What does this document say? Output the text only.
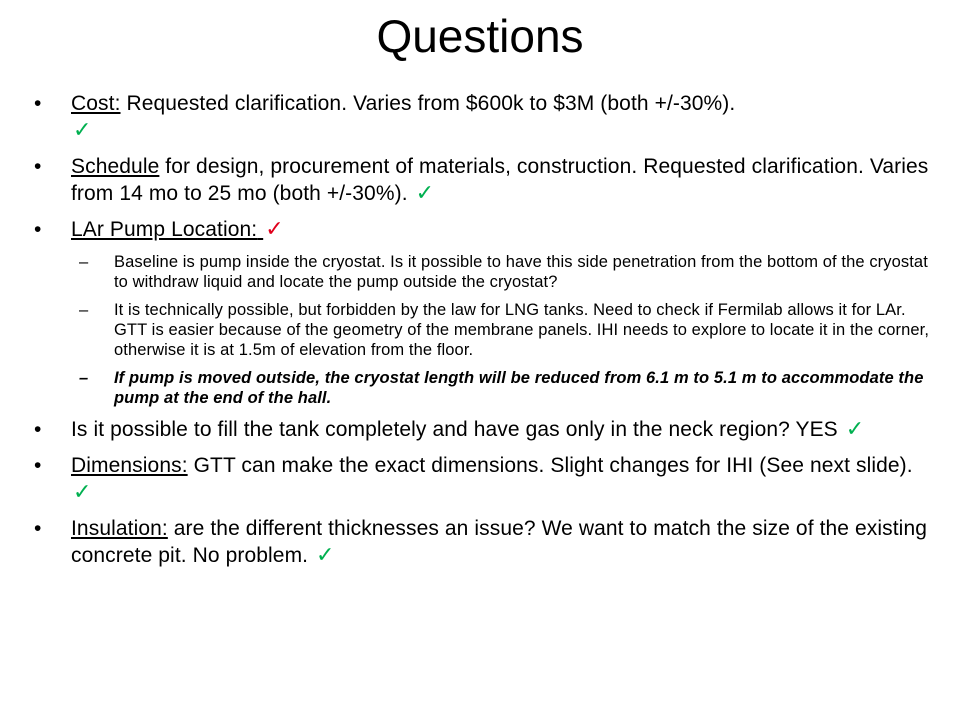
Questions
• Cost: Requested clarification. Varies from $600k to $3M (both +/-30%).
✓
• Schedule for design, procurement of materials, construction. Requested clarification. Varies from 14 mo to 25 mo (both +/-30%). ✓
• LAr Pump Location: ✓
– Baseline is pump inside the cryostat. Is it possible to have this side penetration from the bottom of the cryostat to withdraw liquid and locate the pump outside the cryostat?
– It is technically possible, but forbidden by the law for LNG tanks. Need to check if Fermilab allows it for LAr. GTT is easier because of the geometry of the membrane panels. IHI needs to explore to locate it in the corner, otherwise it is at 1.5m of elevation from the floor.
– If pump is moved outside, the cryostat length will be reduced from 6.1 m to 5.1 m to accommodate the pump at the end of the hall.
• Is it possible to fill the tank completely and have gas only in the neck region? YES ✓
• Dimensions: GTT can make the exact dimensions. Slight changes for IHI (See next slide). ✓
• Insulation: are the different thicknesses an issue? We want to match the size of the existing concrete pit. No problem. ✓
